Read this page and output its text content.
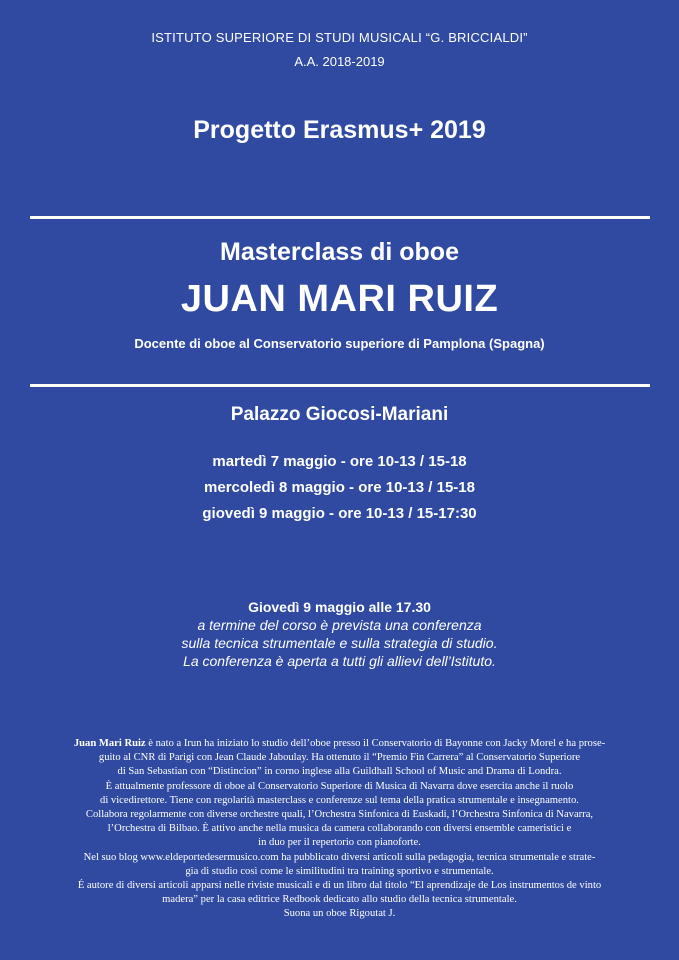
ISTITUTO SUPERIORE DI STUDI MUSICALI “G. BRICCIALDI”
A.A. 2018-2019
Progetto Erasmus+ 2019
Masterclass di oboe
JUAN MARI RUIZ
Docente di oboe al Conservatorio superiore di Pamplona (Spagna)
Palazzo Giocosi-Mariani
martedì 7 maggio - ore 10-13 / 15-18
mercoledì 8 maggio - ore 10-13 / 15-18
giovedì 9 maggio - ore 10-13 / 15-17:30
Giovedì 9 maggio alle 17.30
a termine del corso è prevista una conferenza
sulla tecnica strumentale e sulla strategia di studio.
La conferenza è aperta a tutti gli allievi dell’Istituto.
Juan Mari Ruiz è nato a Irun ha iniziato lo studio dell’oboe presso il Conservatorio di Bayonne con Jacky Morel e ha prose-
guito al CNR di Parigi con Jean Claude Jaboulay. Ha ottenuto il “Premio Fin Carrera” al Conservatorio Superiore
di San Sebastian con “Distincion” in corno inglese alla Guildhall School of Music and Drama di Londra.
È attualmente professore di oboe al Conservatorio Superiore di Musica di Navarra dove esercita anche il ruolo
di vicedirettore. Tiene con regolarità masterclass e conferenze sul tema della pratica strumentale e insegnamento.
Collabora regolarmente con diverse orchestre quali, l’Orchestra Sinfonica di Euskadi, l’Orchestra Sinfonica di Navarra,
l’Orchestra di Bilbao. È attivo anche nella musica da camera collaborando con diversi ensemble cameristici e
in duo per il repertorio con pianoforte.
Nel suo blog www.eldeportedesermusico.com ha pubblicato diversi articoli sulla pedagogia, tecnica strumentale e strate-
gia di studio così come le similitudini tra training sportivo e strumentale.
É autore di diversi articoli apparsi nelle riviste musicali e di un libro dal titolo “El aprendizaje de Los instrumentos de vinto
madera” per la casa editrice Redbook dedicato allo studio della tecnica strumentale.
Suona un oboe Rigoutat J.
